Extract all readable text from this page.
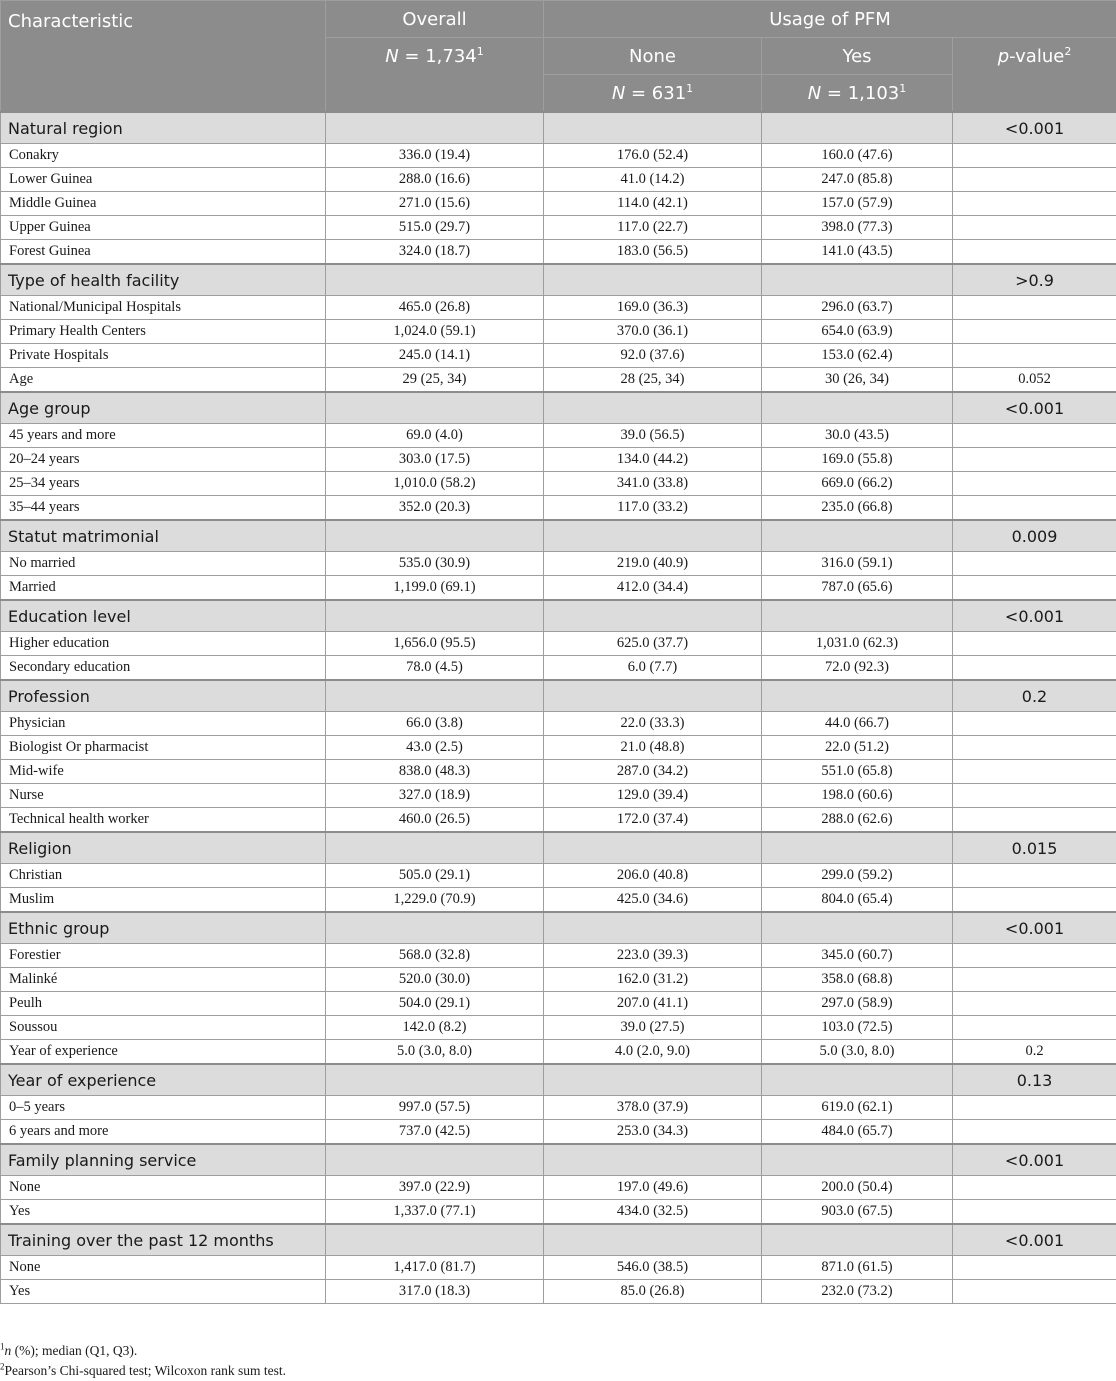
Characteristic	Overall	Usage of PFM		
	$N = 1,734^1$	None	Yes	p-value$^2$
		$N = 631^1$	$N = 1,103^1$
Natural region				<0.001
Conakry	336.0 (19.4)	176.0 (52.4)	160.0 (47.6)	
Lower Guinea	288.0 (16.6)	41.0 (14.2)	247.0 (85.8)	
Middle Guinea	271.0 (15.6)	114.0 (42.1)	157.0 (57.9)	
Upper Guinea	515.0 (29.7)	117.0 (22.7)	398.0 (77.3)	
Forest Guinea	324.0 (18.7)	183.0 (56.5)	141.0 (43.5)	
Type of health facility				>0.9
National/Municipal Hospitals	465.0 (26.8)	169.0 (36.3)	296.0 (63.7)	
Primary Health Centers	1,024.0 (59.1)	370.0 (36.1)	654.0 (63.9)	
Private Hospitals	245.0 (14.1)	92.0 (37.6)	153.0 (62.4)	
Age	29 (25, 34)	28 (25, 34)	30 (26, 34)	0.052
Age group				<0.001
45 years and more	69.0 (4.0)	39.0 (56.5)	30.0 (43.5)	
20–24 years	303.0 (17.5)	134.0 (44.2)	169.0 (55.8)	
25–34 years	1,010.0 (58.2)	341.0 (33.8)	669.0 (66.2)	
35–44 years	352.0 (20.3)	117.0 (33.2)	235.0 (66.8)	
Statut matrimonial				0.009
No married	535.0 (30.9)	219.0 (40.9)	316.0 (59.1)	
Married	1,199.0 (69.1)	412.0 (34.4)	787.0 (65.6)	
Education level				<0.001
Higher education	1,656.0 (95.5)	625.0 (37.7)	1,031.0 (62.3)	
Secondary education	78.0 (4.5)	6.0 (7.7)	72.0 (92.3)	
Profession				0.2
Physician	66.0 (3.8)	22.0 (33.3)	44.0 (66.7)	
Biologist Or pharmacist	43.0 (2.5)	21.0 (48.8)	22.0 (51.2)	
Mid-wife	838.0 (48.3)	287.0 (34.2)	551.0 (65.8)	
Nurse	327.0 (18.9)	129.0 (39.4)	198.0 (60.6)	
Technical health worker	460.0 (26.5)	172.0 (37.4)	288.0 (62.6)	
Religion				0.015
Christian	505.0 (29.1)	206.0 (40.8)	299.0 (59.2)	
Muslim	1,229.0 (70.9)	425.0 (34.6)	804.0 (65.4)	
Ethnic group				<0.001
Forestier	568.0 (32.8)	223.0 (39.3)	345.0 (60.7)	
Malinké	520.0 (30.0)	162.0 (31.2)	358.0 (68.8)	
Peulh	504.0 (29.1)	207.0 (41.1)	297.0 (58.9)	
Soussou	142.0 (8.2)	39.0 (27.5)	103.0 (72.5)	
Year of experience	5.0 (3.0, 8.0)	4.0 (2.0, 9.0)	5.0 (3.0, 8.0)	0.2
Year of experience				0.13
0–5 years	997.0 (57.5)	378.0 (37.9)	619.0 (62.1)	
6 years and more	737.0 (42.5)	253.0 (34.3)	484.0 (65.7)	
Family planning service				<0.001
None	397.0 (22.9)	197.0 (49.6)	200.0 (50.4)	
Yes	1,337.0 (77.1)	434.0 (32.5)	903.0 (67.5)	
Training over the past 12 months				<0.001
None	1,417.0 (81.7)	546.0 (38.5)	871.0 (61.5)	
Yes	317.0 (18.3)	85.0 (26.8)	232.0 (73.2)	
$^1$n (%); median (Q1, Q3).
$^2$Pearson’s Chi-squared test; Wilcoxon rank sum test.
